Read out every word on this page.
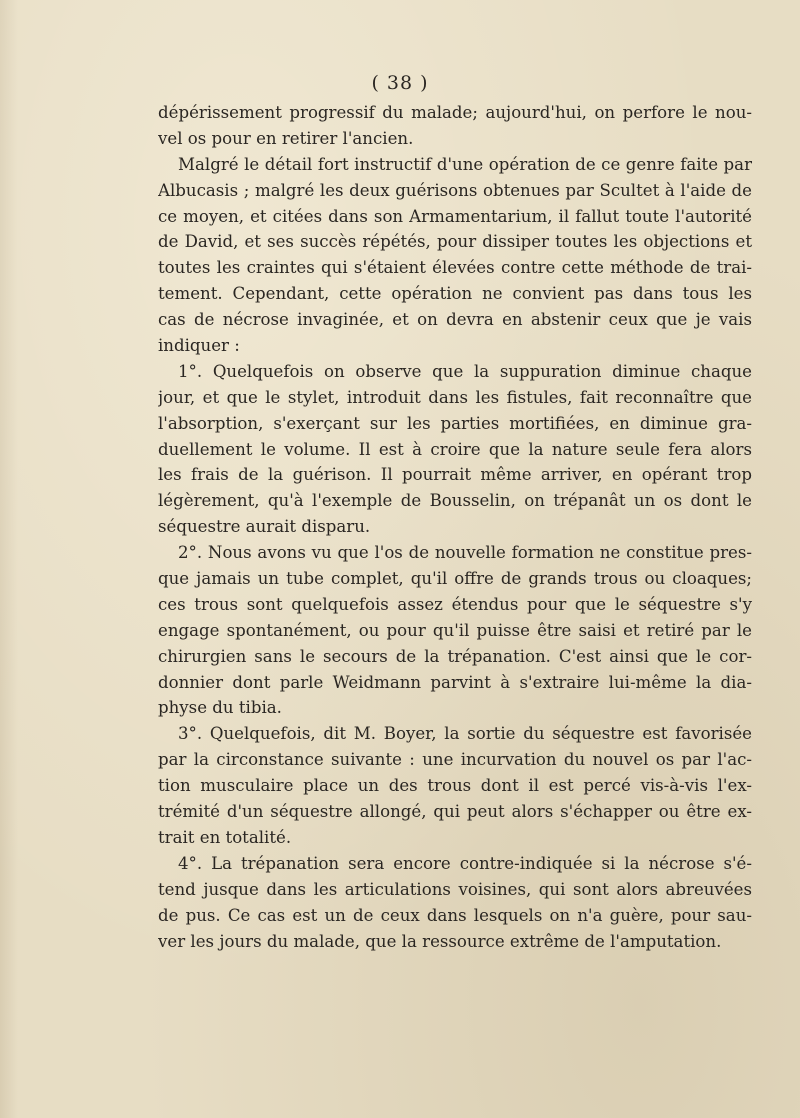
( 38 )
dépérissement progressif du malade; aujourd'hui, on perfore le nou-
vel os pour en retirer l'ancien.
Malgré le détail fort instructif d'une opération de ce genre faite par
Albucasis ; malgré les deux guérisons obtenues par Scultet à l'aide de
ce moyen, et citées dans son Armamentarium, il fallut toute l'autorité
de David, et ses succès répétés, pour dissiper toutes les objections et
toutes les craintes qui s'étaient élevées contre cette méthode de trai-
tement. Cependant, cette opération ne convient pas dans tous les
cas de nécrose invaginée, et on devra en abstenir ceux que je vais
indiquer :
1°. Quelquefois on observe que la suppuration diminue chaque
jour, et que le stylet, introduit dans les fistules, fait reconnaître que
l'absorption, s'exerçant sur les parties mortifiées, en diminue gra-
duellement le volume. Il est à croire que la nature seule fera alors
les frais de la guérison. Il pourrait même arriver, en opérant trop
légèrement, qu'à l'exemple de Bousselin, on trépanât un os dont le
séquestre aurait disparu.
2°. Nous avons vu que l'os de nouvelle formation ne constitue pres-
que jamais un tube complet, qu'il offre de grands trous ou cloaques;
ces trous sont quelquefois assez étendus pour que le séquestre s'y
engage spontanément, ou pour qu'il puisse être saisi et retiré par le
chirurgien sans le secours de la trépanation. C'est ainsi que le cor-
donnier dont parle Weidmann parvint à s'extraire lui-même la dia-
physe du tibia.
3°. Quelquefois, dit M. Boyer, la sortie du séquestre est favorisée
par la circonstance suivante : une incurvation du nouvel os par l'ac-
tion musculaire place un des trous dont il est percé vis-à-vis l'ex-
trémité d'un séquestre allongé, qui peut alors s'échapper ou être ex-
trait en totalité.
4°. La trépanation sera encore contre-indiquée si la nécrose s'é-
tend jusque dans les articulations voisines, qui sont alors abreuvées
de pus. Ce cas est un de ceux dans lesquels on n'a guère, pour sau-
ver les jours du malade, que la ressource extrême de l'amputation.
